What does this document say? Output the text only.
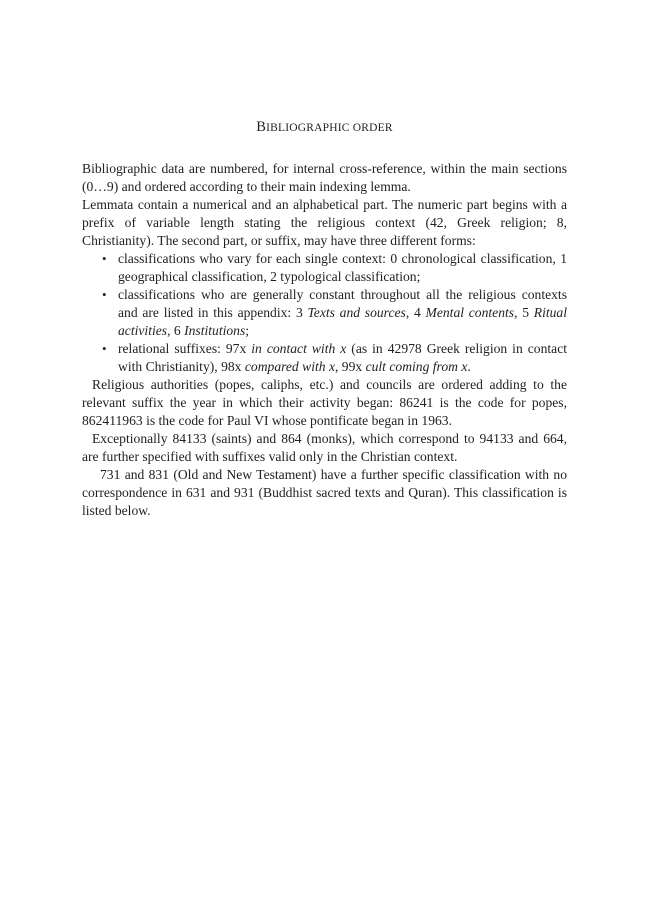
BIBLIOGRAPHIC ORDER

Bibliographic data are numbered, for internal cross-reference, within the main sections (0…9) and ordered according to their main indexing lemma.

Lemmata contain a numerical and an alphabetical part. The numeric part begins with a prefix of variable length stating the religious context (42, Greek religion; 8, Christianity). The second part, or suffix, may have three different forms:

• classifications who vary for each single context: 0 chronological classification, 1 geographical classification, 2 typological classification;
• classifications who are generally constant throughout all the religious contexts and are listed in this appendix: 3 Texts and sources, 4 Mental contents, 5 Ritual activities, 6 Institutions;
• relational suffixes: 97x in contact with x (as in 42978 Greek religion in contact with Christianity), 98x compared with x, 99x cult coming from x.

Religious authorities (popes, caliphs, etc.) and councils are ordered adding to the relevant suffix the year in which their activity began: 86241 is the code for popes, 862411963 is the code for Paul VI whose pontificate began in 1963.

Exceptionally 84133 (saints) and 864 (monks), which correspond to 94133 and 664, are further specified with suffixes valid only in the Christian context.

731 and 831 (Old and New Testament) have a further specific classification with no correspondence in 631 and 931 (Buddhist sacred texts and Quran). This classification is listed below.
